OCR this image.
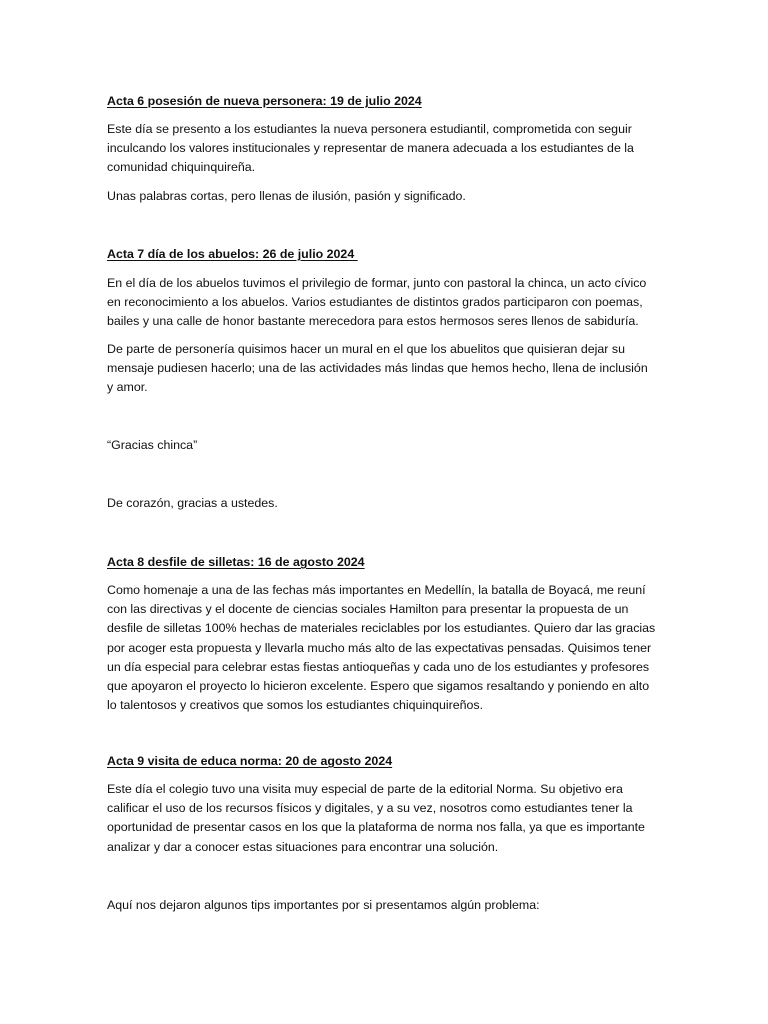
Acta 6 posesión de nueva personera: 19 de julio 2024
Este día se presento a los estudiantes la nueva personera estudiantil, comprometida con seguir
inculcando los valores institucionales y representar de manera adecuada a los estudiantes de la
comunidad chiquinquireña.
Unas palabras cortas, pero llenas de ilusión, pasión y significado.
Acta 7 día de los abuelos: 26 de julio 2024
En el día de los abuelos tuvimos el privilegio de formar, junto con pastoral la chinca, un acto cívico
en reconocimiento a los abuelos. Varios estudiantes de distintos grados participaron con poemas,
bailes y una calle de honor bastante merecedora para estos hermosos seres llenos de sabiduría.
De parte de personería quisimos hacer un mural en el que los abuelitos que quisieran dejar su
mensaje pudiesen hacerlo; una de las actividades más lindas que hemos hecho, llena de inclusión
y amor.
“Gracias chinca”
De corazón, gracias a ustedes.
Acta 8 desfile de silletas: 16 de agosto 2024
Como homenaje a una de las fechas más importantes en Medellín, la batalla de Boyacá, me reuní
con las directivas y el docente de ciencias sociales Hamilton para presentar la propuesta de un
desfile de silletas 100% hechas de materiales reciclables por los estudiantes. Quiero dar las gracias
por acoger esta propuesta y llevarla mucho más alto de las expectativas pensadas. Quisimos tener
un día especial para celebrar estas fiestas antioqueñas y cada uno de los estudiantes y profesores
que apoyaron el proyecto lo hicieron excelente. Espero que sigamos resaltando y poniendo en alto
lo talentosos y creativos que somos los estudiantes chiquinquireños.
Acta 9 visita de educa norma: 20 de agosto 2024
Este día el colegio tuvo una visita muy especial de parte de la editorial Norma. Su objetivo era
calificar el uso de los recursos físicos y digitales, y a su vez, nosotros como estudiantes tener la
oportunidad de presentar casos en los que la plataforma de norma nos falla, ya que es importante
analizar y dar a conocer estas situaciones para encontrar una solución.
Aquí nos dejaron algunos tips importantes por si presentamos algún problema:
